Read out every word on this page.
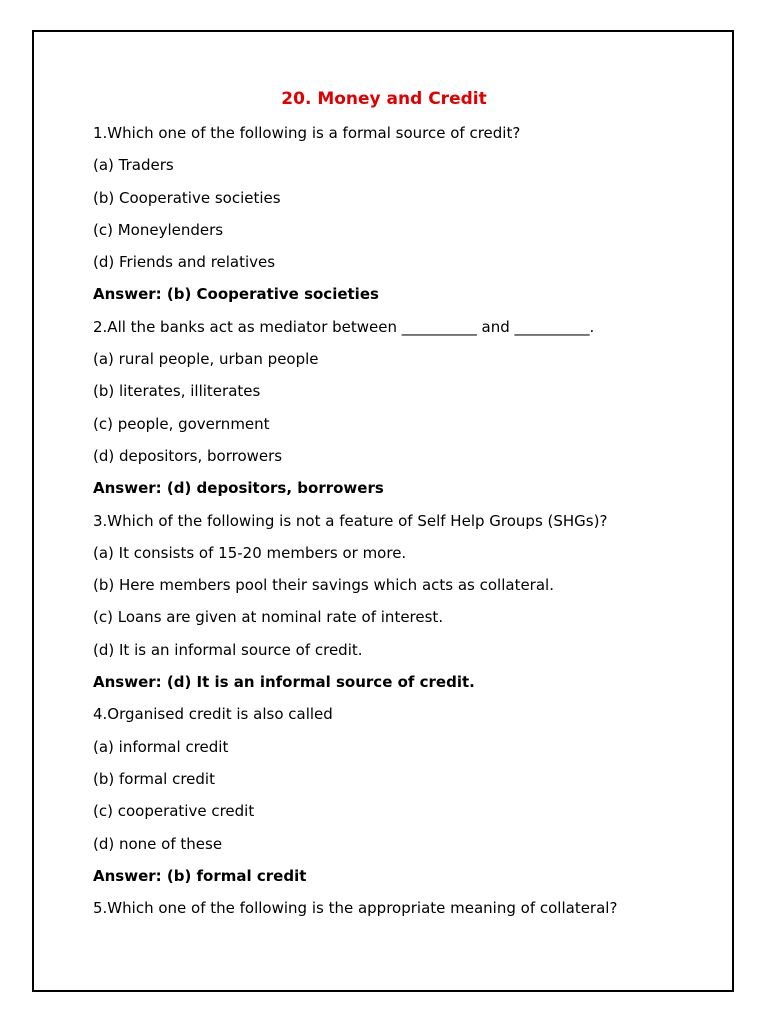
20. Money and Credit
1.Which one of the following is a formal source of credit?
(a) Traders
(b) Cooperative societies
(c) Moneylenders
(d) Friends and relatives
Answer: (b) Cooperative societies
2.All the banks act as mediator between __________ and __________.
(a) rural people, urban people
(b) literates, illiterates
(c) people, government
(d) depositors, borrowers
Answer: (d) depositors, borrowers
3.Which of the following is not a feature of Self Help Groups (SHGs)?
(a) It consists of 15-20 members or more.
(b) Here members pool their savings which acts as collateral.
(c) Loans are given at nominal rate of interest.
(d) It is an informal source of credit.
Answer: (d) It is an informal source of credit.
4.Organised credit is also called
(a) informal credit
(b) formal credit
(c) cooperative credit
(d) none of these
Answer: (b) formal credit
5.Which one of the following is the appropriate meaning of collateral?
